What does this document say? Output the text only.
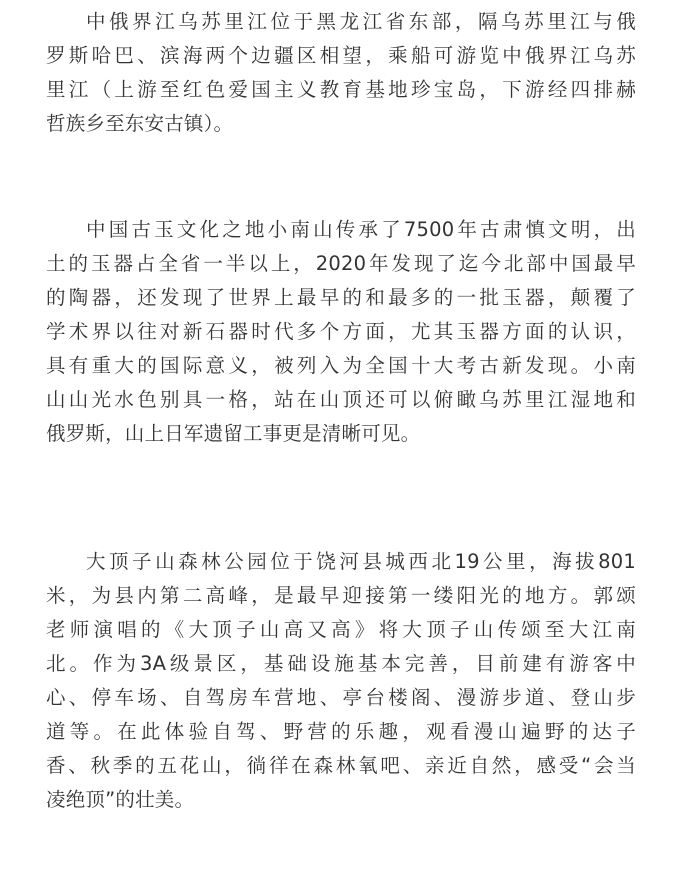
中俄界江乌苏里江位于黑龙江省东部，隔乌苏里江与俄
罗斯哈巴、滨海两个边疆区相望，乘船可游览中俄界江乌苏
里江（上游至红色爱国主义教育基地珍宝岛，下游经四排赫
哲族乡至东安古镇）。
中国古玉文化之地小南山传承了7500年古肃慎文明，出
土的玉器占全省一半以上，2020年发现了迄今北部中国最早
的陶器，还发现了世界上最早的和最多的一批玉器，颠覆了
学术界以往对新石器时代多个方面，尤其玉器方面的认识，
具有重大的国际意义，被列入为全国十大考古新发现。小南
山山光水色别具一格，站在山顶还可以俯瞰乌苏里江湿地和
俄罗斯，山上日军遗留工事更是清晰可见。
大顶子山森林公园位于饶河县城西北19公里，海拔801
米，为县内第二高峰，是最早迎接第一缕阳光的地方。郭颂
老师演唱的《大顶子山高又高》将大顶子山传颂至大江南
北。作为3A级景区，基础设施基本完善，目前建有游客中
心、停车场、自驾房车营地、亭台楼阁、漫游步道、登山步
道等。在此体验自驾、野营的乐趣，观看漫山遍野的达子
香、秋季的五花山，徜徉在森林氧吧、亲近自然，感受“会当
凌绝顶”的壮美。
